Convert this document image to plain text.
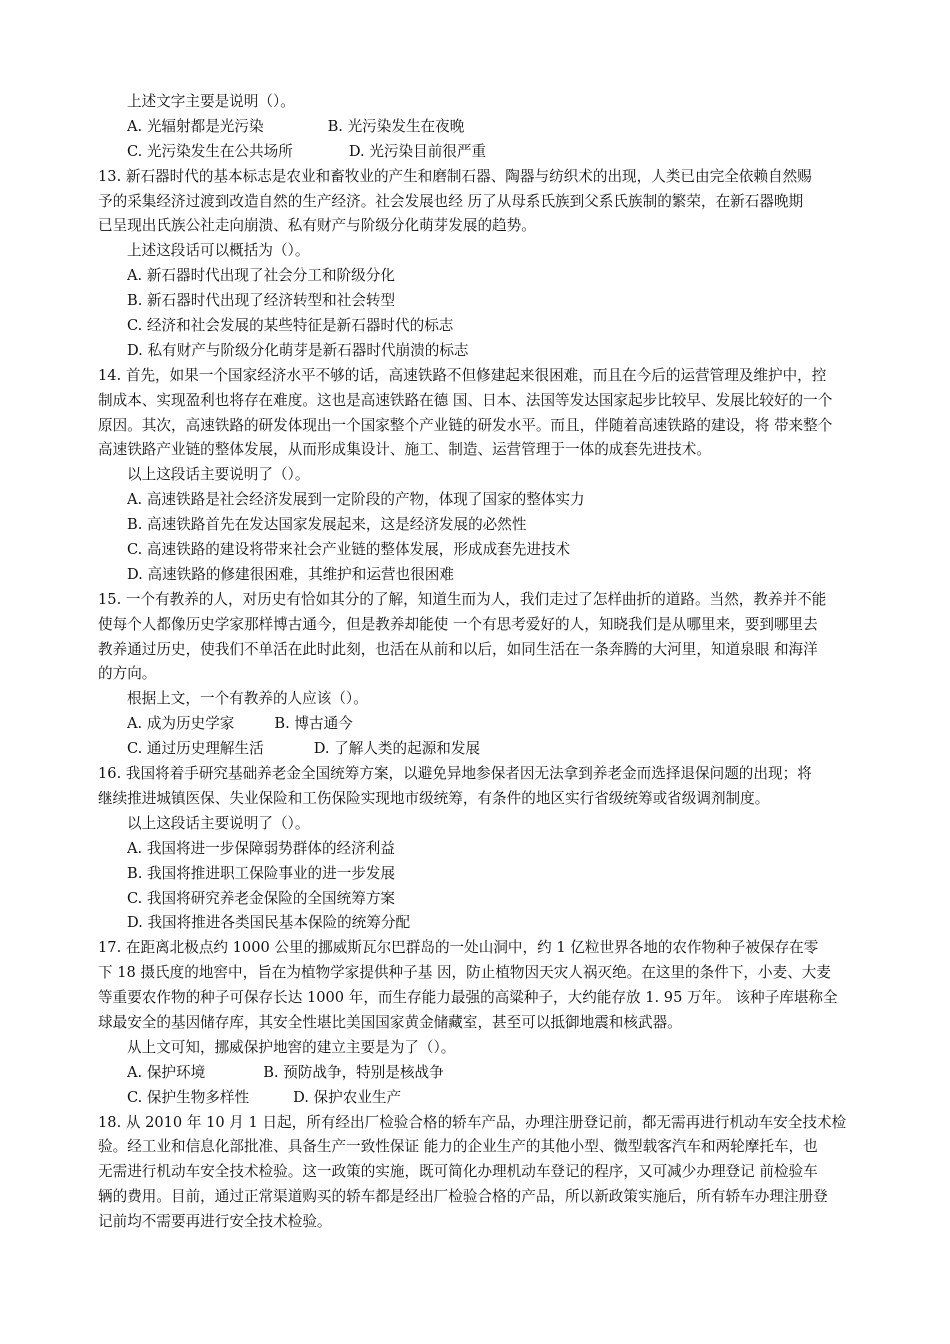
上述文字主要是说明（）。
A. 光辐射都是光污染	B. 光污染发生在夜晚
C. 光污染发生在公共场所	D. 光污染目前很严重
13. 新石器时代的基本标志是农业和畜牧业的产生和磨制石器、陶器与纺织术的出现，人类已由完全依赖自然赐
予的采集经济过渡到改造自然的生产经济。社会发展也经 历了从母系氏族到父系氏族制的繁荣，在新石器晚期
已呈现出氏族公社走向崩溃、私有财产与阶级分化萌芽发展的趋势。
上述这段话可以概括为（）。
A. 新石器时代出现了社会分工和阶级分化
B. 新石器时代出现了经济转型和社会转型
C. 经济和社会发展的某些特征是新石器时代的标志
D. 私有财产与阶级分化萌芽是新石器时代崩溃的标志
14. 首先，如果一个国家经济水平不够的话，高速铁路不但修建起来很困难，而且在今后的运营管理及维护中，控
制成本、实现盈利也将存在难度。这也是高速铁路在德 国、日本、法国等发达国家起步比较早、发展比较好的一个
原因。其次，高速铁路的研发体现出一个国家整个产业链的研发水平。而且，伴随着高速铁路的建设，将 带来整个
高速铁路产业链的整体发展，从而形成集设计、施工、制造、运营管理于一体的成套先进技术。
以上这段话主要说明了（）。
A. 高速铁路是社会经济发展到一定阶段的产物，体现了国家的整体实力
B. 高速铁路首先在发达国家发展起来，这是经济发展的必然性
C. 高速铁路的建设将带来社会产业链的整体发展，形成成套先进技术
D. 高速铁路的修建很困难，其维护和运营也很困难
15. 一个有教养的人，对历史有恰如其分的了解，知道生而为人，我们走过了怎样曲折的道路。当然，教养并不能
使每个人都像历史学家那样博古通今，但是教养却能使 一个有思考爱好的人，知晓我们是从哪里来，要到哪里去
教养通过历史，使我们不单活在此时此刻，也活在从前和以后，如同生活在一条奔腾的大河里，知道泉眼 和海洋
的方向。
根据上文，一个有教养的人应该（）。
A. 成为历史学家	B. 博古通今
C. 通过历史理解生活	D. 了解人类的起源和发展
16. 我国将着手研究基础养老金全国统筹方案，以避免异地参保者因无法拿到养老金而选择退保问题的出现；将
继续推进城镇医保、失业保险和工伤保险实现地市级统筹，有条件的地区实行省级统筹或省级调剂制度。
以上这段话主要说明了（）。
A. 我国将进一步保障弱势群体的经济利益
B. 我国将推进职工保险事业的进一步发展
C. 我国将研究养老金保险的全国统筹方案
D. 我国将推进各类国民基本保险的统筹分配
17. 在距离北极点约 1000 公里的挪威斯瓦尔巴群岛的一处山洞中，约 1 亿粒世界各地的农作物种子被保存在零
下 18 摄氏度的地窖中，旨在为植物学家提供种子基 因，防止植物因天灾人祸灭绝。在这里的条件下，小麦、大麦
等重要农作物的种子可保存长达 1000 年，而生存能力最强的高粱种子，大约能存放 1. 95 万年。 该种子库堪称全
球最安全的基因储存库，其安全性堪比美国国家黄金储藏室，甚至可以抵御地震和核武器。
从上文可知，挪威保护地窖的建立主要是为了（）。
A. 保护环境	B. 预防战争，特别是核战争
C. 保护生物多样性	D. 保护农业生产
18. 从 2010 年 10 月 1 日起，所有经出厂检验合格的轿车产品，办理注册登记前，都无需再进行机动车安全技术检
验。经工业和信息化部批准、具备生产一致性保证 能力的企业生产的其他小型、微型载客汽车和两轮摩托车，也
无需进行机动车安全技术检验。这一政策的实施，既可简化办理机动车登记的程序，又可减少办理登记 前检验车
辆的费用。目前，通过正常渠道购买的轿车都是经出厂检验合格的产品，所以新政策实施后，所有轿车办理注册登
记前均不需要再进行安全技术检验。
